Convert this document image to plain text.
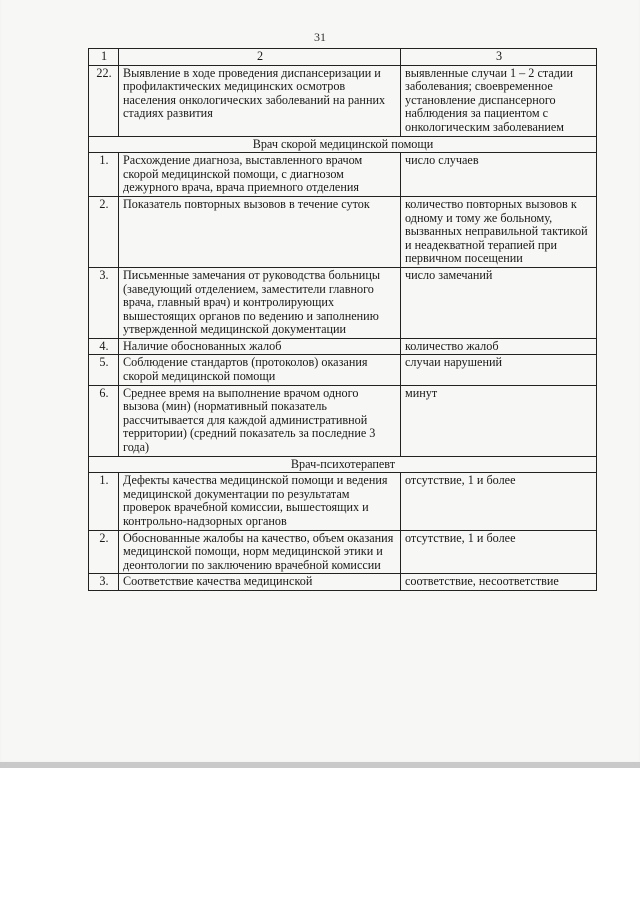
31
1	2	3
22.	Выявление в ходе проведения диспансеризации и профилактических медицинских осмотров населения онкологических заболеваний на ранних стадиях развития	выявленные случаи 1 – 2 стадии заболевания; своевременное установление диспансерного наблюдения за пациентом с онкологическим заболеванием
Врач скорой медицинской помощи		
1.	Расхождение диагноза, выставленного врачом скорой медицинской помощи, с диагнозом дежурного врача, врача приемного отделения	число случаев
2.	Показатель повторных вызовов в течение суток	количество повторных вызовов к одному и тому же больному, вызванных неправильной тактикой и неадекватной терапией при первичном посещении
3.	Письменные замечания от руководства больницы (заведующий отделением, заместители главного врача, главный врач) и контролирующих вышестоящих органов по ведению и заполнению утвержденной медицинской документации	число замечаний
4.	Наличие обоснованных жалоб	количество жалоб
5.	Соблюдение стандартов (протоколов) оказания скорой медицинской помощи	случаи нарушений
6.	Среднее время на выполнение врачом одного вызова (мин) (нормативный показатель рассчитывается для каждой административной территории) (средний показатель за последние 3 года)	минут
Врач-психотерапевт		
1.	Дефекты качества медицинской помощи и ведения медицинской документации по результатам проверок врачебной комиссии, вышестоящих и контрольно-надзорных органов	отсутствие, 1 и более
2.	Обоснованные жалобы на качество, объем оказания медицинской помощи, норм медицинской этики и деонтологии по заключению врачебной комиссии	отсутствие, 1 и более
3.	Соответствие качества медицинской	соответствие, несоответствие
